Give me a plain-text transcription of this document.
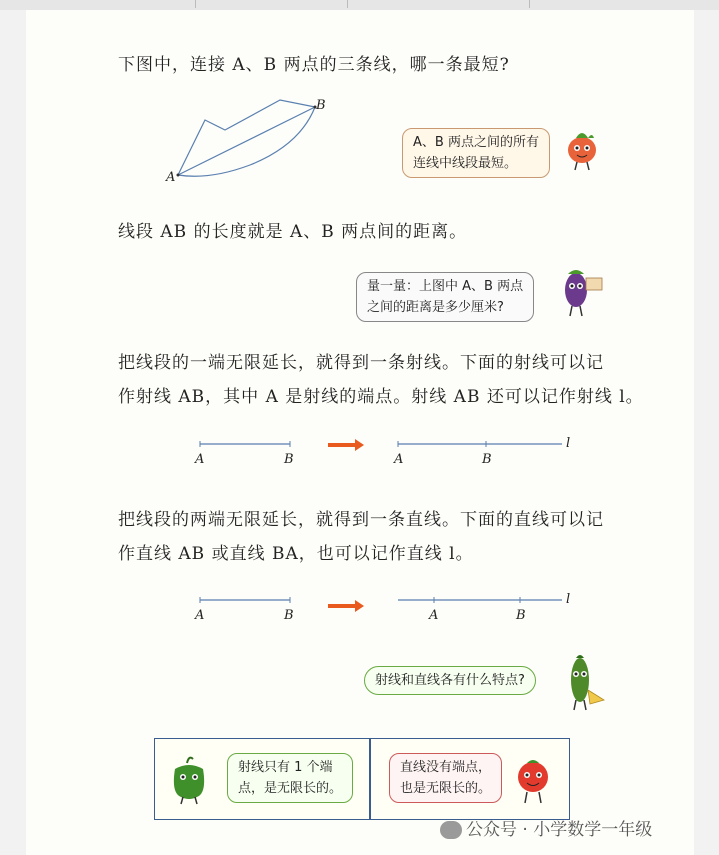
下图中，连接 A、B 两点的三条线，哪一条最短?
A
B
A、B 两点之间的所有
连线中线段最短。
线段 AB 的长度就是 A、B 两点间的距离。
量一量：上图中 A、B 两点
之间的距离是多少厘米?
把线段的一端无限延长，就得到一条射线。下面的射线可以记
作射线 AB，其中 A 是射线的端点。射线 AB 还可以记作射线 l。
A	B	A	B
l
把线段的两端无限延长，就得到一条直线。下面的直线可以记
作直线 AB 或直线 BA，也可以记作直线 l。
A	B	A	B
l
射线和直线各有什么特点?
射线只有 1 个端
点，是无限长的。
直线没有端点，
也是无限长的。
公众号 · 小学数学一年级
